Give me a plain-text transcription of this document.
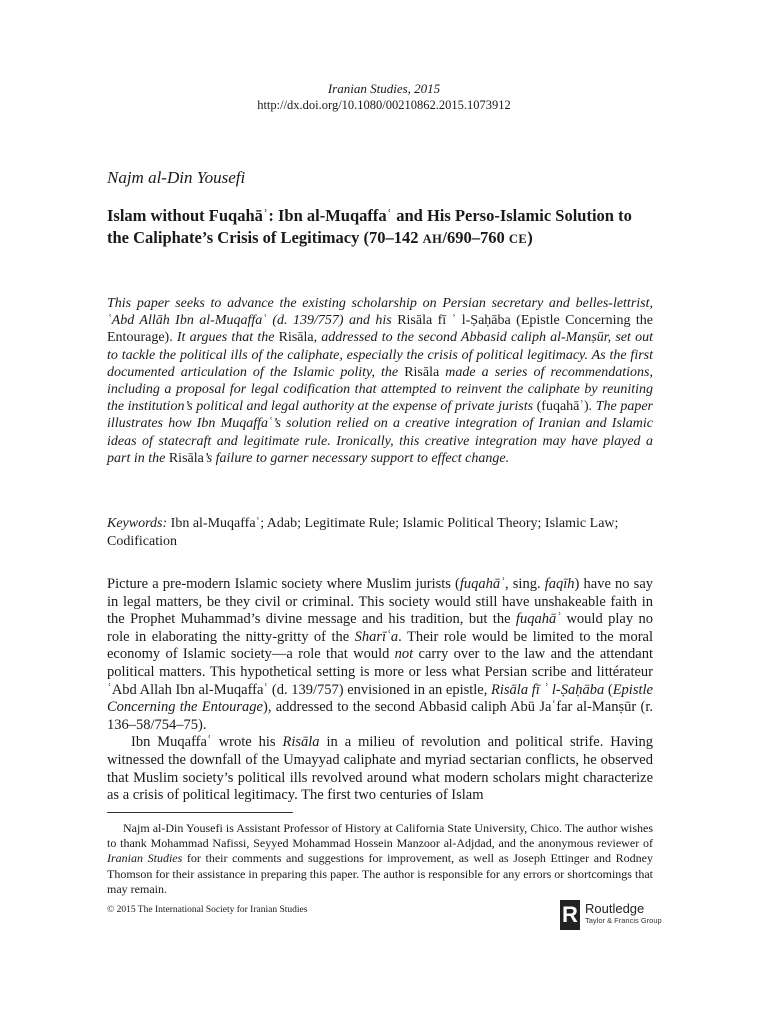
Iranian Studies, 2015
http://dx.doi.org/10.1080/00210862.2015.1073912
Najm al-Din Yousefi
Islam without Fuqahāʾ: Ibn al-Muqaffaʿ and His Perso-Islamic Solution to
the Caliphate’s Crisis of Legitimacy (70–142 AH/690–760 CE)
This paper seeks to advance the existing scholarship on Persian secretary and belles-lettrist, ʿAbd Allāh Ibn al-Muqaffaʿ (d. 139/757) and his Risāla fī ʾ l-Ṣaḥāba (Epistle Concerning the Entourage). It argues that the Risāla, addressed to the second Abbasid caliph al-Manṣūr, set out to tackle the political ills of the caliphate, especially the crisis of political legitimacy. As the first documented articulation of the Islamic polity, the Risāla made a series of recommendations, including a proposal for legal codification that attempted to reinvent the caliphate by reuniting the institution’s political and legal authority at the expense of private jurists (fuqahāʾ). The paper illustrates how Ibn Muqaffaʿ’s solution relied on a creative integration of Iranian and Islamic ideas of statecraft and legitimate rule. Ironically, this creative integration may have played a part in the Risāla’s failure to garner necessary support to effect change.
Keywords: Ibn al-Muqaffaʿ; Adab; Legitimate Rule; Islamic Political Theory; Islamic Law; Codification

Picture a pre-modern Islamic society where Muslim jurists (fuqahāʾ, sing. faqīh) have no say in legal matters, be they civil or criminal. This society would still have unshakeable faith in the Prophet Muhammad’s divine message and his tradition, but the fuqahāʾ would play no role in elaborating the nitty-gritty of the Sharīʿa. Their role would be limited to the moral economy of Islamic society—a role that would not carry over to the law and the attendant political matters. This hypothetical setting is more or less what Persian scribe and littérateur ʿAbd Allah Ibn al-Muqaffaʿ (d. 139/757) envisioned in an epistle, Risāla fī ʾ l-Ṣaḥāba (Epistle Concerning the Entourage), addressed to the second Abbasid caliph Abū Jaʿfar al-Manṣūr (r. 136–58/754–75).

Ibn Muqaffaʿ wrote his Risāla in a milieu of revolution and political strife. Having witnessed the downfall of the Umayyad caliphate and myriad sectarian conflicts, he observed that Muslim society’s political ills revolved around what modern scholars might characterize as a crisis of political legitimacy. The first two centuries of Islam

Najm al-Din Yousefi is Assistant Professor of History at California State University, Chico. The author wishes to thank Mohammad Nafissi, Seyyed Mohammad Hossein Manzoor al-Adjdad, and the anonymous reviewer of Iranian Studies for their comments and suggestions for improvement, as well as Joseph Ettinger and Rodney Thomson for their assistance in preparing this paper. The author is responsible for any errors or shortcomings that may remain.
© 2015 The International Society for Iranian Studies	R Routledge
Taylor & Francis Group
